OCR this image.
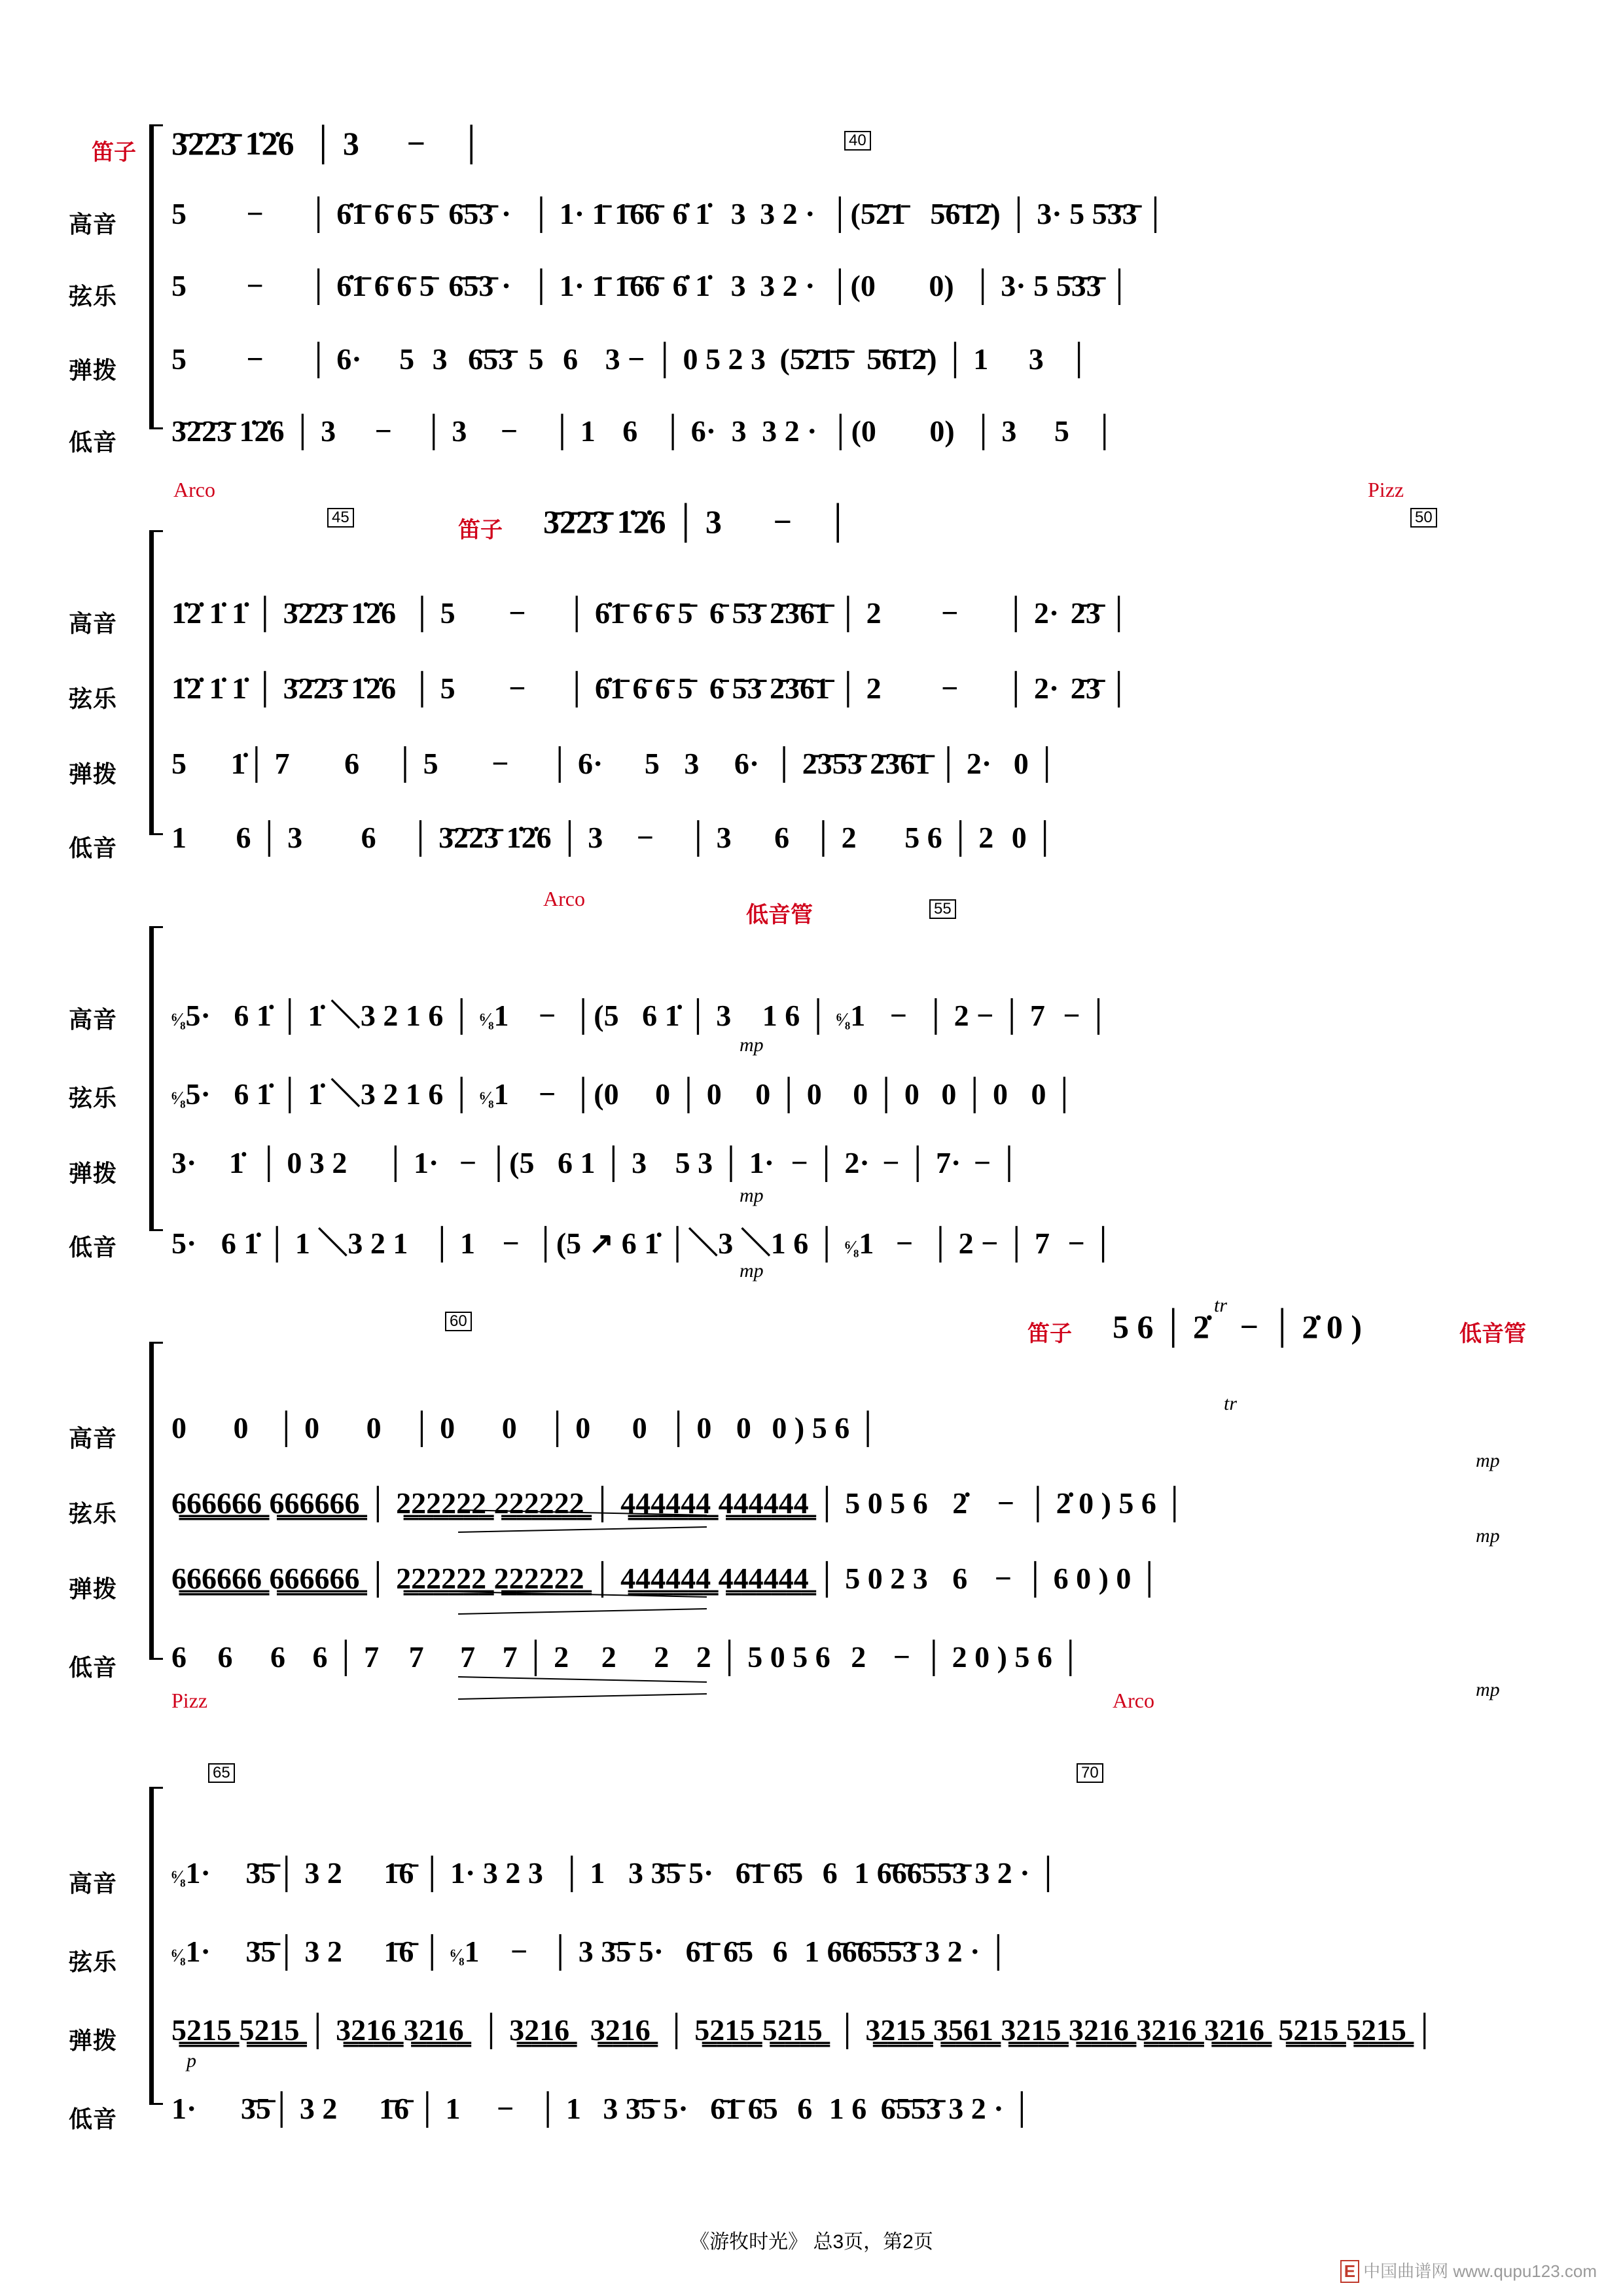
笛子 3̄2̄2̄3̄ 1̇2̇6 │ 3 − │	40
高音 5 − │ 6̇1̄ 6̄ 6̄ 5̄ 6̄5̄3̄ · │ 1· 1̄ 1̄6̄6̄ 6̇ 1̇ 3 3 2 · │(5̄2̄1̄ 5̄6̄1̄2̄) │ 3· 5 5̄3̄3̄ │
弦乐 5 − │ 6̇1̄ 6̄ 6̄ 5̄ 6̄5̄3̄ · │ 1· 1̄ 1̄6̄6̄ 6̇ 1̇ 3 3 2 · │(0 0) │ 3· 5 5̄3̄3̄ │
弹拨 5 − │ 6· 5 3 6̄5̄3̄ 5 6 3 − │ 0 5 2 3 (5̄2̄1̄5̄ 5̄6̄1̄2̄) │ 1 3 │
低音 3̄2̄2̄3̄ 1̇2̇6 │ 3 − │ 3 − │ 1 6 │ 6· 3 3 2 · │(0 0) │ 3 5 │
Arco	Pizz
45
笛子 3̄2̄2̄3̄ 1̇2̇6 │ 3 − │	50
高音 1̇2̇ 1̇ 1̇ │ 3̄2̄2̄3̄ 1̇2̇6 │ 5 − │ 6̇1̄ 6̄ 6̄ 5̄ 6̄ 5̄3̄ 2̄3̄6̄1̄ │ 2 − │ 2· 2̄3̄ │
弦乐 1̇2̇ 1̇ 1̇ │ 3̄2̄2̄3̄ 1̇2̇6 │ 5 − │ 6̇1̄ 6̄ 6̄ 5̄ 6̄ 5̄3̄ 2̄3̄6̄1̄ │ 2 − │ 2· 2̄3̄ │
弹拨 5 1̇│ 7 6 │ 5 − │ 6· 5 3 6· │ 2̄3̄5̄3̄ 2̄3̄6̄1̄ │ 2· 0 │
低音 1 6 │ 3 6 │ 3̄2̄2̄3̄ 1̇2̇6 │ 3 − │ 3 6 │ 2 5 6 │ 2 0 │
Arco
低音管	55
高音	⁶⁄₈5· 6 1̇ │ 1̇ ＼3 2 1 6 │ ⁶⁄₈1 − │(5 6 1̇ │ 3 1 6 │ ⁶⁄₈1 − │ 2 − │ 7 − │
弦乐	⁶⁄₈5· 6 1̇ │ 1̇ ＼3 2 1 6 │ ⁶⁄₈1 − │(0 0 │ 0 0 │ 0 0 │ 0 0 │ 0 0 │
弹拨 3· 1̇ │ 0 3 2 │ 1· − │(5 6 1 │ 3 5 3 │ 1· − │ 2· − │ 7· − │
低音 5· 6 1̇ │ 1 ＼3 2 1 │ 1 − │(5 ↗ 6 1̇ │＼3 ＼1 6 │ ⁶⁄₈1 − │ 2 − │ 7 − │
mp
mp
mp
60
笛子 5 6 │ 2̇ − │ 2̇ 0 )	低音管
tr
高音 0 0 │ 0 0 │ 0 0 │ 0 0 │ 0 0 0 ) 5 6 │
mp
tr
弦乐 6̳6̳6̳6̳6̳6̳ 6̳6̳6̳6̳6̳6̳ │ 2̳2̳2̳2̳2̳2̳ 2̳2̳2̳2̳2̳2̳ │ 4̳4̳4̳4̳4̳4̳ 4̳4̳4̳4̳4̳4̳ │ 5 0 5 6 2̇ − │ 2̇ 0 ) 5 6 │
mp
弹拨 6̳6̳6̳6̳6̳6̳ 6̳6̳6̳6̳6̳6̳ │ 2̳2̳2̳2̳2̳2̳ 2̳2̳2̳2̳2̳2̳ │ 4̳4̳4̳4̳4̳4̳ 4̳4̳4̳4̳4̳4̳ │ 5 0 2 3 6 − │ 6 0 ) 0 │
低音 6 6 6 6 │ 7 7 7 7 │ 2 2 2 2 │ 5 0 5 6 2 − │ 2 0 ) 5 6 │
mp
Pizz	Arco
65	70
高音	⁶⁄₈1· 3̄5̄│ 3 2 1̄6̄ │ 1· 3 2 3 │ 1 3 3̄5̄ 5· 6̄1̄ 6̄5 6 1 6̄6̄6̄5̄5̄3̄ 3 2 · │
弦乐	⁶⁄₈1· 3̄5̄│ 3 2 1̄6̄ │ ⁶⁄₈1 − │ 3 3̄5̄ 5· 6̄1̄ 6̄5 6 1 6̄6̄6̄5̄5̄3̄ 3 2 · │
弹拨 5̳2̳1̳5̳ 5̳2̳1̳5̳ │ 3̳2̳1̳6̳ 3̳2̳1̳6̳ │ 3̳2̳1̳6̳ 3̳2̳1̳6̳ │ 5̳2̳1̳5̳ 5̳2̳1̳5̳ │ 3̳2̳1̳5̳ 3̳5̳6̳1̳ 3̳2̳1̳5̳ 3̳2̳1̳6̳ 3̳2̳1̳6̳ 3̳2̳1̳6̳ 5̳2̳1̳5̳ 5̳2̳1̳5̳ │
p
低音 1· 3̄5̄│ 3 2 1̄6̄ │ 1 − │ 1 3 3̄5̄ 5· 6̄1̄ 6̄5 6 1 6 6̄5̄5̄3̄ 3 2 · │
《游牧时光》 总3页，第2页
E 中国曲谱网 www.qupu123.com
